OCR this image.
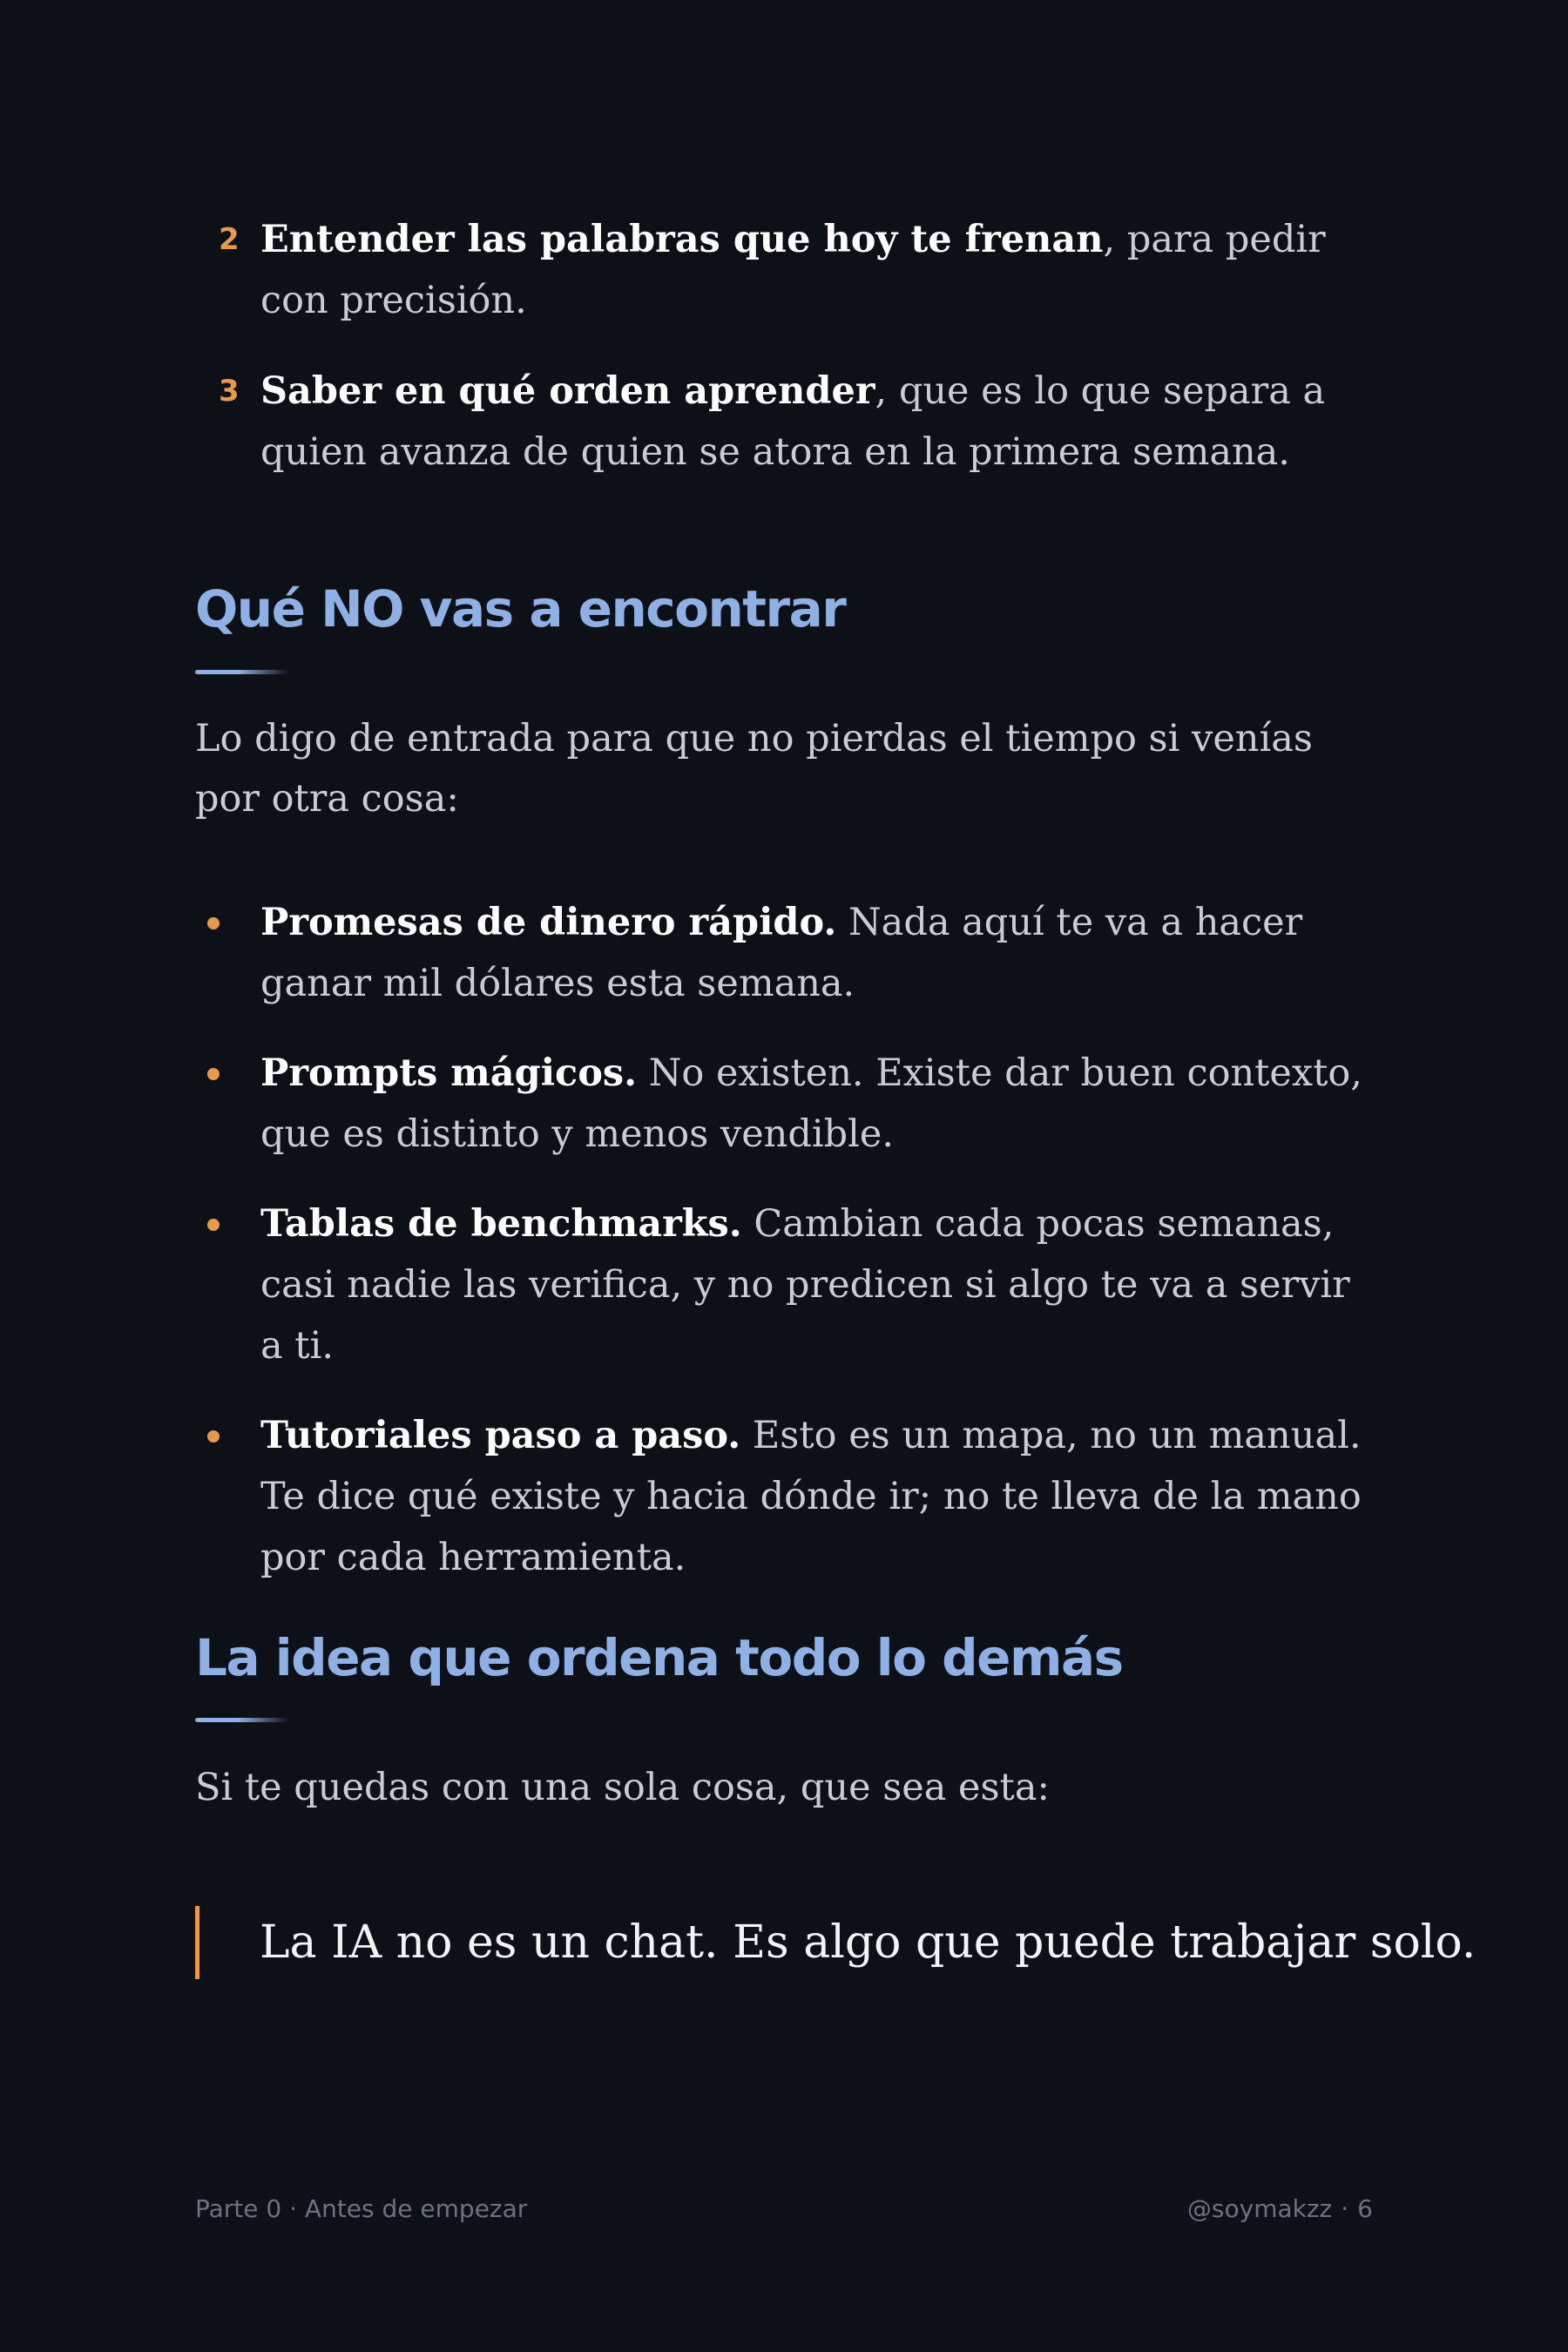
2 Entender las palabras que hoy te frenan, para pedir con precisión.
3 Saber en qué orden aprender, que es lo que separa a quien avanza de quien se atora en la primera semana.
Qué NO vas a encontrar

Lo digo de entrada para que no pierdas el tiempo si venías por otra cosa:

Promesas de dinero rápido. Nada aquí te va a hacer ganar mil dólares esta semana.
Prompts mágicos. No existen. Existe dar buen contexto, que es distinto y menos vendible.
Tablas de benchmarks. Cambian cada pocas semanas, casi nadie las verifica, y no predicen si algo te va a servir a ti.
Tutoriales paso a paso. Esto es un mapa, no un manual. Te dice qué existe y hacia dónde ir; no te lleva de la mano por cada herramienta.
La idea que ordena todo lo demás

Si te quedas con una sola cosa, que sea esta:

La IA no es un chat. Es algo que puede trabajar solo.
Parte 0 · Antes de empezar	@soymakzz · 6
